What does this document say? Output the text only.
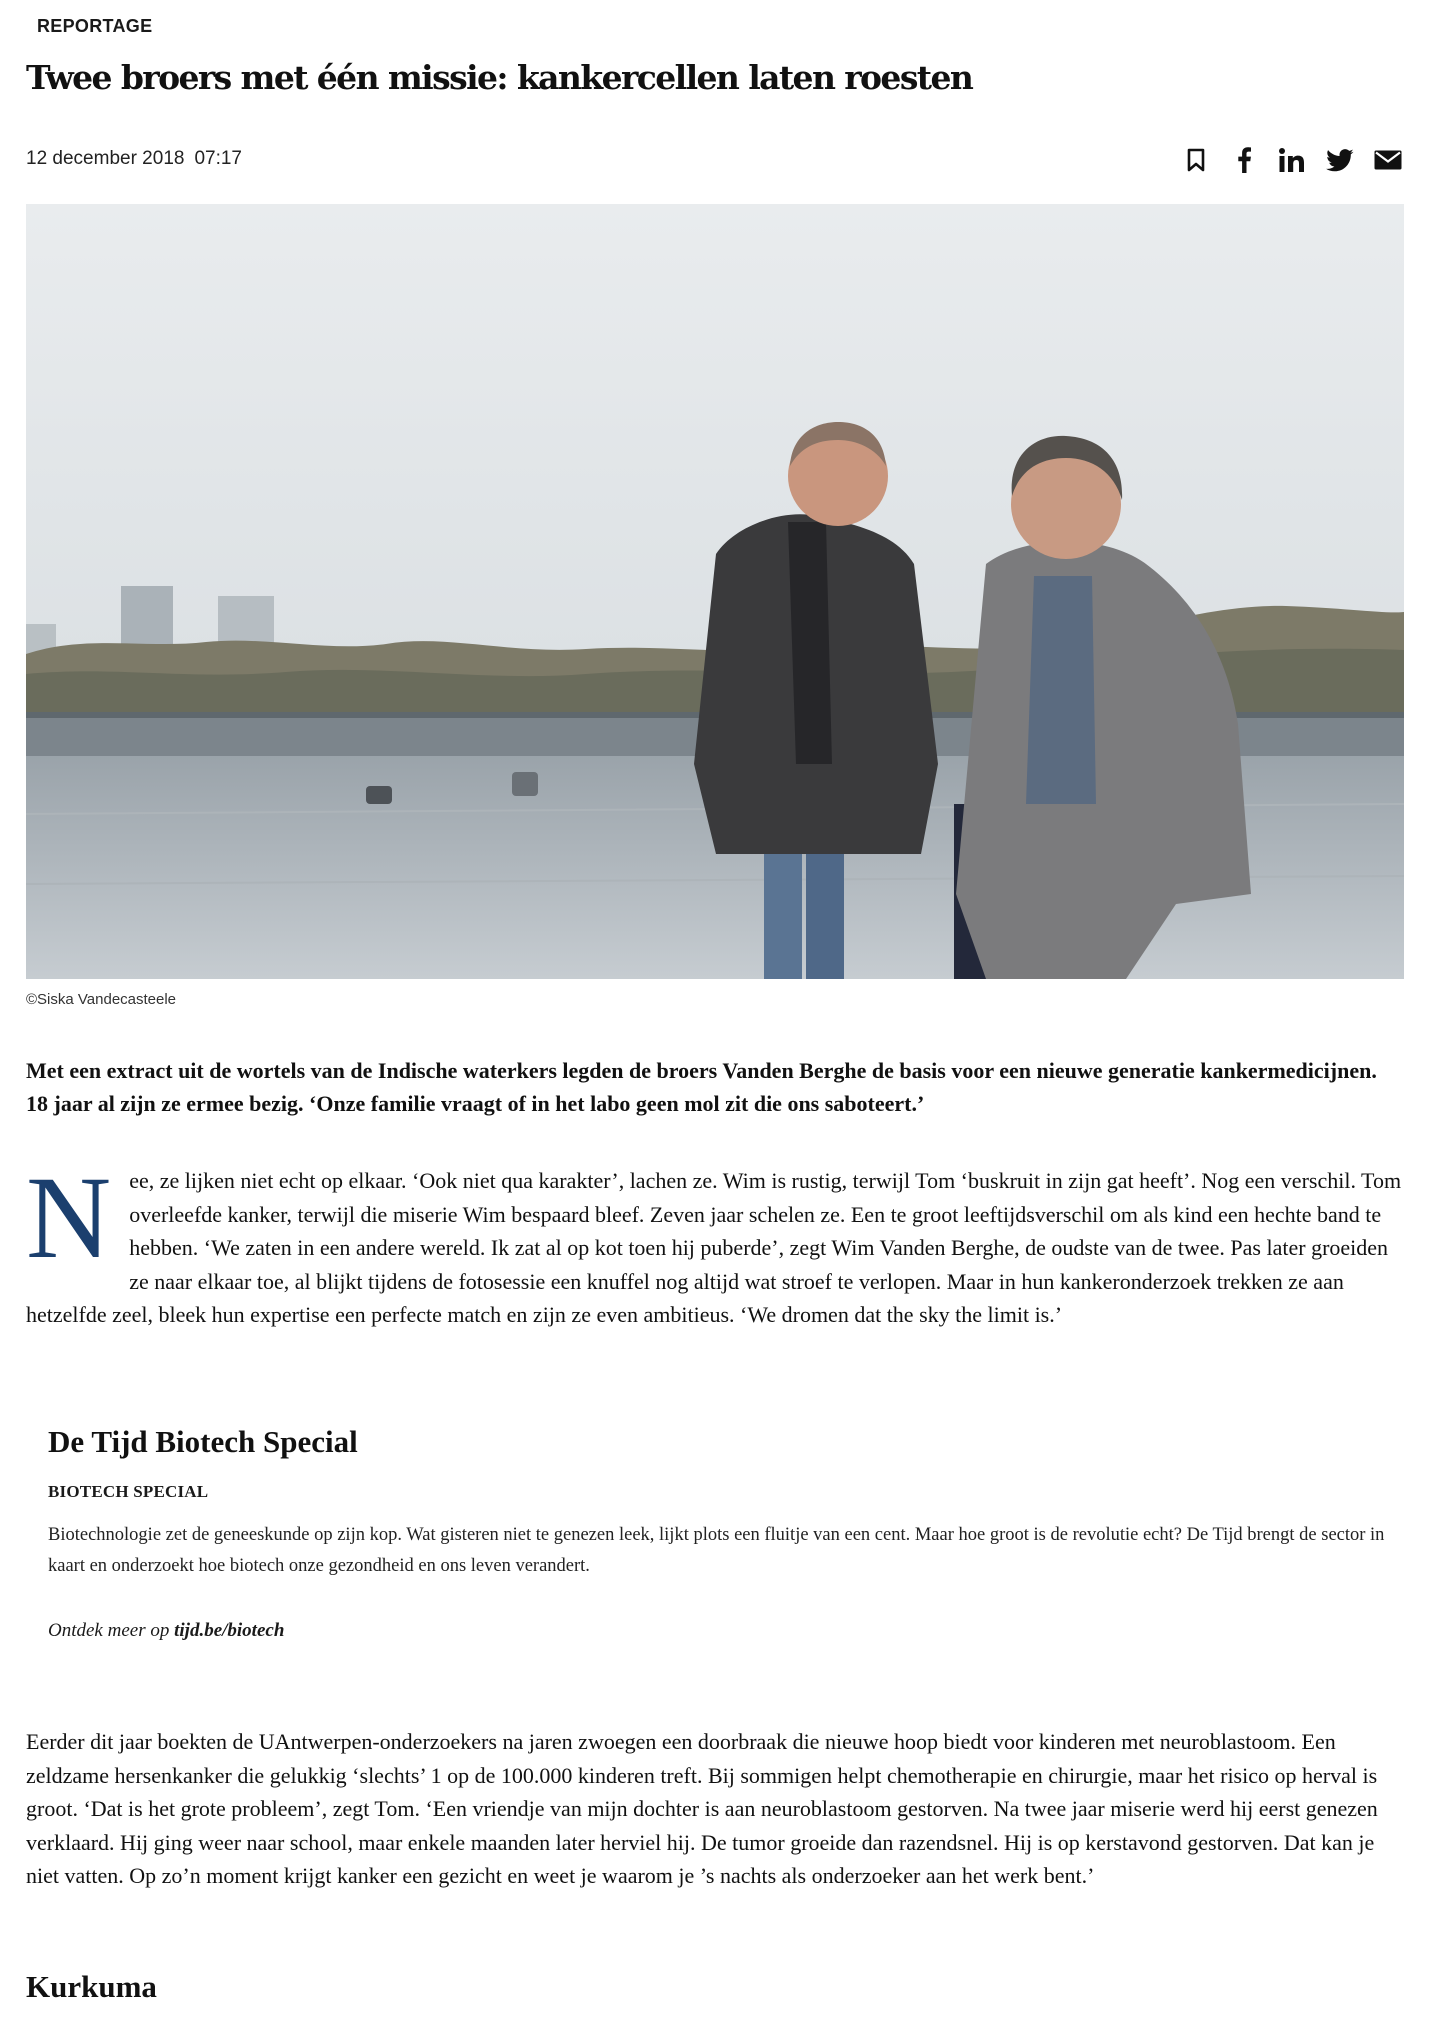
REPORTAGE
Twee broers met één missie: kankercellen laten roesten
12 december 2018 07:17
©Siska Vandecasteele

Met een extract uit de wortels van de Indische waterkers legden de broers Vanden Berghe de basis voor een nieuwe generatie kankermedicijnen. 18 jaar al zijn ze ermee bezig. ‘Onze familie vraagt of in het labo geen mol zit die ons saboteert.’

Nee, ze lijken niet echt op elkaar. ‘Ook niet qua karakter’, lachen ze. Wim is rustig, terwijl Tom ‘buskruit in zijn gat heeft’. Nog een verschil. Tom overleefde kanker, terwijl die miserie Wim bespaard bleef. Zeven jaar schelen ze. Een te groot leeftijdsverschil om als kind een hechte band te hebben. ‘We zaten in een andere wereld. Ik zat al op kot toen hij puberde’, zegt Wim Vanden Berghe, de oudste van de twee. Pas later groeiden ze naar elkaar toe, al blijkt tijdens de fotosessie een knuffel nog altijd wat stroef te verlopen. Maar in hun kankeronderzoek trekken ze aan hetzelfde zeel, bleek hun expertise een perfecte match en zijn ze even ambitieus. ‘We dromen dat the sky the limit is.’

De Tijd Biotech Special
BIOTECH SPECIAL
Biotechnologie zet de geneeskunde op zijn kop. Wat gisteren niet te genezen leek, lijkt plots een fluitje van een cent. Maar hoe groot is de revolutie echt? De Tijd brengt de sector in kaart en onderzoekt hoe biotech onze gezondheid en ons leven verandert.
Ontdek meer op tijd.be/biotech

Eerder dit jaar boekten de UAntwerpen-onderzoekers na jaren zwoegen een doorbraak die nieuwe hoop biedt voor kinderen met neuroblastoom. Een zeldzame hersenkanker die gelukkig ‘slechts’ 1 op de 100.000 kinderen treft. Bij sommigen helpt chemotherapie en chirurgie, maar het risico op herval is groot. ‘Dat is het grote probleem’, zegt Tom. ‘Een vriendje van mijn dochter is aan neuroblastoom gestorven. Na twee jaar miserie werd hij eerst genezen verklaard. Hij ging weer naar school, maar enkele maanden later herviel hij. De tumor groeide dan razendsnel. Hij is op kerstavond gestorven. Dat kan je niet vatten. Op zo’n moment krijgt kanker een gezicht en weet je waarom je ’s nachts als onderzoeker aan het werk bent.’

Kurkuma
